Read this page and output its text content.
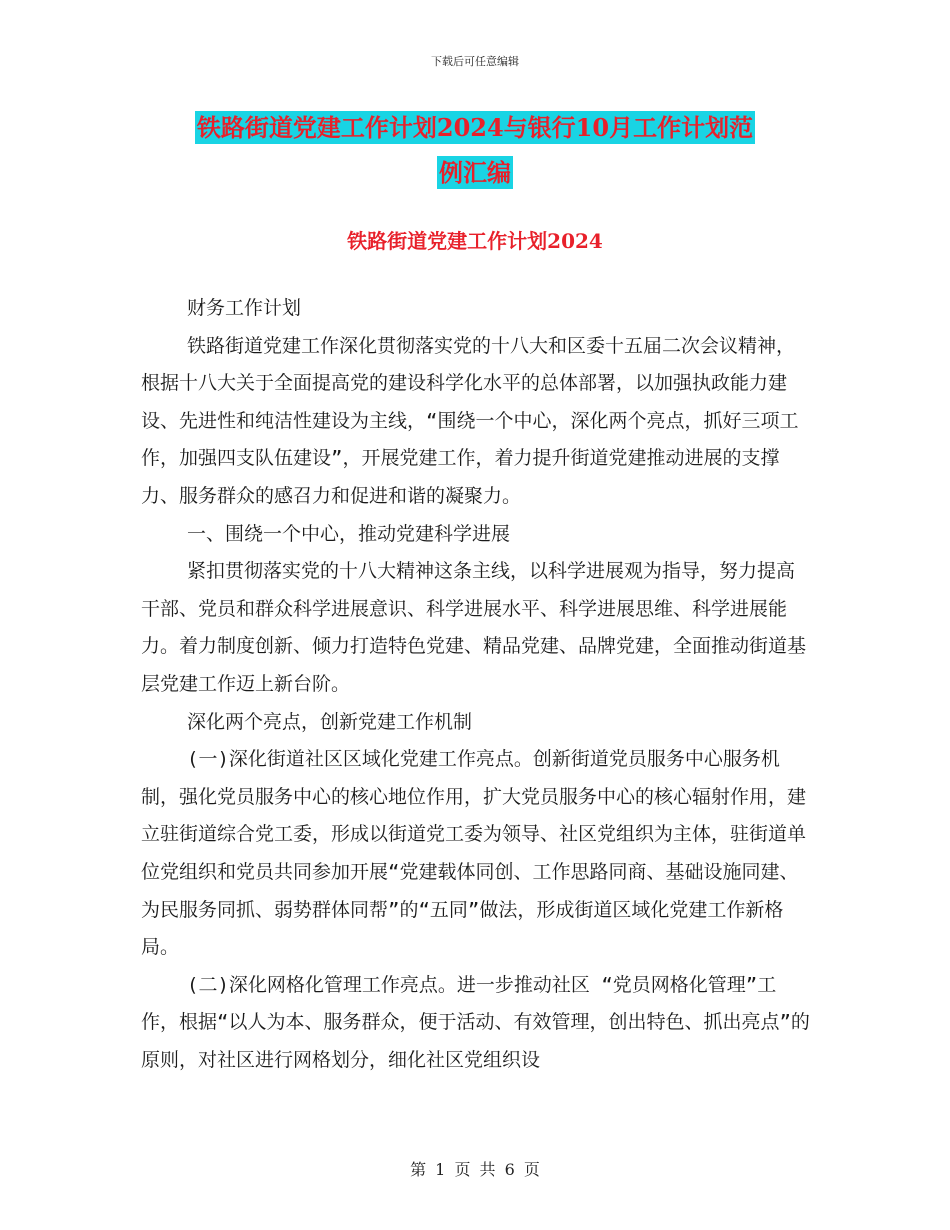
下载后可任意编辑
铁路街道党建工作计划2024与银行10月工作计划范
例汇编
铁路街道党建工作计划2024

财务工作计划

铁路街道党建工作深化贯彻落实党的十八大和区委十五届二次会议精神，根据十八大关于全面提高党的建设科学化水平的总体部署，以加强执政能力建设、先进性和纯洁性建设为主线，“围绕一个中心，深化两个亮点，抓好三项工作，加强四支队伍建设”，开展党建工作，着力提升街道党建推动进展的支撑力、服务群众的感召力和促进和谐的凝聚力。

一、围绕一个中心，推动党建科学进展

紧扣贯彻落实党的十八大精神这条主线，以科学进展观为指导，努力提高干部、党员和群众科学进展意识、科学进展水平、科学进展思维、科学进展能力。着力制度创新、倾力打造特色党建、精品党建、品牌党建，全面推动街道基层党建工作迈上新台阶。

深化两个亮点，创新党建工作机制

(一)深化街道社区区域化党建工作亮点。创新街道党员服务中心服务机制，强化党员服务中心的核心地位作用，扩大党员服务中心的核心辐射作用，建立驻街道综合党工委，形成以街道党工委为领导、社区党组织为主体，驻街道单位党组织和党员共同参加开展“党建载体同创、工作思路同商、基础设施同建、为民服务同抓、弱势群体同帮”的“五同”做法，形成街道区域化党建工作新格局。

(二)深化网格化管理工作亮点。进一步推动社区 “党员网格化管理”工作，根据“以人为本、服务群众，便于活动、有效管理，创出特色、抓出亮点”的原则，对社区进行网格划分，细化社区党组织设

第 1 页 共 6 页
